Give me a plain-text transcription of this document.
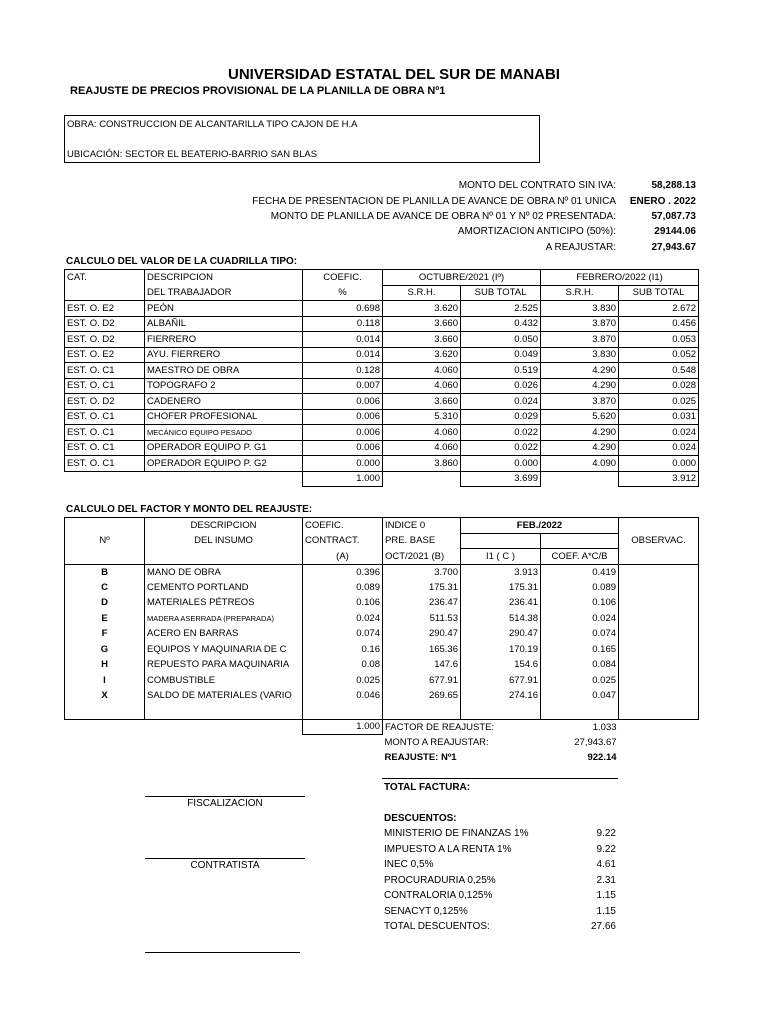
UNIVERSIDAD ESTATAL DEL SUR DE MANABI
REAJUSTE DE PRECIOS PROVISIONAL DE LA PLANILLA DE OBRA Nº1
OBRA: CONSTRUCCION DE ALCANTARILLA TIPO CAJON DE H.A
UBICACIÓN: SECTOR EL BEATERIO-BARRIO SAN BLAS
MONTO DEL CONTRATO SIN IVA:	58,288.13
FECHA DE PRESENTACION DE PLANILLA DE AVANCE DE OBRA Nº 01 UNICA ENERO . 2022
MONTO DE PLANILLA DE AVANCE DE OBRA Nº 01 Y Nº 02 PRESENTADA:	57,087.73
AMORTIZACION ANTICIPO (50%):	29144.06
A REAJUSTAR:	27,943.67
CALCULO DEL VALOR DE LA CUADRILLA TIPO:
CAT.	DESCRIPCION	COEFIC.	OCTUBRE/2021 (Iº)		FEBRERO/2022 (I1)	
	DEL TRABAJADOR	%	S.R.H.	SUB TOTAL	S.R.H.	SUB TOTAL
EST. O. E2	PEÓN	0.698	3.620	2.525	3.830	2.672
EST. O. D2	ALBAÑIL	0.118	3.660	0.432	3.870	0.456
EST. O. D2	FIERRERO	0.014	3.660	0.050	3.870	0.053
EST. O. E2	AYU. FIERRERO	0.014	3.620	0.049	3.830	0.052
EST. O. C1	MAESTRO DE OBRA	0.128	4.060	0.519	4.290	0.548
EST. O. C1	TOPOGRAFO 2	0.007	4.060	0.026	4.290	0.028
EST. O. D2	CADENERO	0.006	3.660	0.024	3.870	0.025
EST. O. C1	CHOFER PROFESIONAL	0.006	5.310	0.029	5.620	0.031
EST. O. C1	MECÁNICO EQUIPO PESADO	0.006	4.060	0.022	4.290	0.024
EST. O. C1	OPERADOR EQUIPO P. G1	0.006	4.060	0.022	4.290	0.024
EST. O. C1	OPERADOR EQUIPO P. G2	0.000	3.860	0.000	4.090	0.000
		1.000		3.699		3.912
CALCULO DEL FACTOR Y MONTO DEL REAJUSTE:
	DESCRIPCION	COEFIC.	INDICE 0	FEB./2022		
Nº	DEL INSUMO	CONTRACT.	PRE. BASE			OBSERVAC.
		(A)	OCT/2021 (B)	I1 ( C )	COEF. A*C/B	
B	MANO DE OBRA	0.396	3.700	3.913	0.419	
C	CEMENTO PORTLAND	0.089	175.31	175.31	0.089	
D	MATERIALES PÉTREOS	0.106	236.47	236.41	0.106	
E	MADERA ASERRADA (PREPARADA)	0.024	511.53	514.38	0.024	
F	ACERO EN BARRAS	0.074	290.47	290.47	0.074	
G	EQUIPOS Y MAQUINARIA DE C	0.16	165.36	170.19	0.165	
H	REPUESTO PARA MAQUINARIA	0.08	147.6	154.6	0.084	
I	COMBUSTIBLE	0.025	677.91	677.91	0.025	
X	SALDO DE MATERIALES (VARIO	0.046	269.65	274.16	0.047	

		1.000	FACTOR DE REAJUSTE:		1.033	
			MONTO A REAJUSTAR:		27,943.67	
			REAJUSTE: Nº1		922.14	
TOTAL FACTURA:
FISCALIZACION
CONTRATISTA
DESCUENTOS:
MINISTERIO DE FINANZAS 1%	9.22
IMPUESTO A LA RENTA 1%	9.22
INEC 0,5%	4.61
PROCURADURIA 0,25%	2.31
CONTRALORIA 0,125%	1.15
SENACYT 0,125%	1.15
TOTAL DESCUENTOS:	27.66
